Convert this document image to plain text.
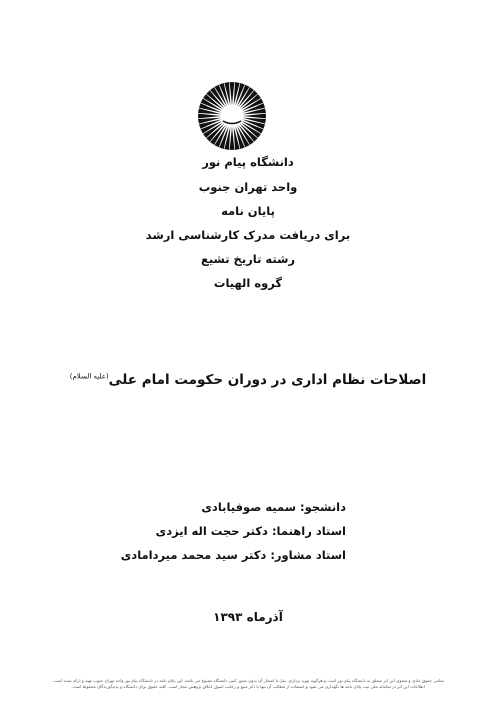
دانشگاه پیام نور
واحد تهران جنوب
پایان نامه
برای دریافت مدرک کارشناسی ارشد
رشته تاریخ تشیع
گروه الهیات
اصلاحات نظام اداری در دوران حکومت امام علی$^{(علیه السلام)}$
دانشجو: سمیه صوفیابادی
استاد راهنما: دکتر حجت اله ایزدی
استاد مشاور: دکتر سید محمد میردامادی
آذرماه ۱۳۹۳
تمامی حقوق مادی و معنوی این اثر متعلق به دانشگاه پیام نور است و هرگونه بهره برداری، نقل یا انتشار آن بدون مجوز کتبی دانشگاه ممنوع می باشد. این پایان نامه در دانشگاه پیام نور واحد تهران جنوب تهیه و ارائه شده است.
اطلاعات این اثر در سامانه ملی ثبت پایان نامه ها نگهداری می شود و استفاده از مطالب آن تنها با ذکر منبع و رعایت اصول اخلاق پژوهش مجاز است. کلیه حقوق برای دانشگاه و پدیدآورندگان محفوظ است.
